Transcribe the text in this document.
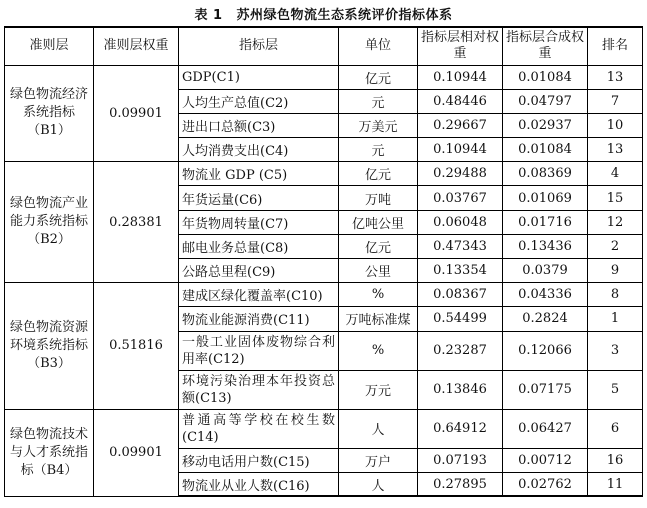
表 1 苏州绿色物流生态系统评价指标体系
准则层	准则层权重	指标层	单位	指标层相对权重	指标层合成权重	排名
绿色物流经济系统指标（B1）	0.09901	GDP(C1)	亿元	0.10944	0.01084	13
		人均生产总值(C2)	元	0.48446	0.04797	7
		进出口总额(C3)	万美元	0.29667	0.02937	10
		人均消费支出(C4)	元	0.10944	0.01084	13
绿色物流产业能力系统指标（B2）	0.28381	物流业 GDP (C5)	亿元	0.29488	0.08369	4
		年货运量(C6)	万吨	0.03767	0.01069	15
		年货物周转量(C7)	亿吨公里	0.06048	0.01716	12
		邮电业务总量(C8)	亿元	0.47343	0.13436	2
		公路总里程(C9)	公里	0.13354	0.0379	9
绿色物流资源环境系统指标（B3）	0.51816	建成区绿化覆盖率(C10)	%	0.08367	0.04336	8
		物流业能源消费(C11)	万吨标准煤	0.54499	0.2824	1
		一般工业固体废物综合利用率(C12)	%	0.23287	0.12066	3
		环境污染治理本年投资总额(C13)	万元	0.13846	0.07175	5
绿色物流技术与人才系统指标（B4）	0.09901	普通高等学校在校生数(C14)	人	0.64912	0.06427	6
		移动电话用户数(C15)	万户	0.07193	0.00712	16
		物流业从业人数(C16)	人	0.27895	0.02762	11
